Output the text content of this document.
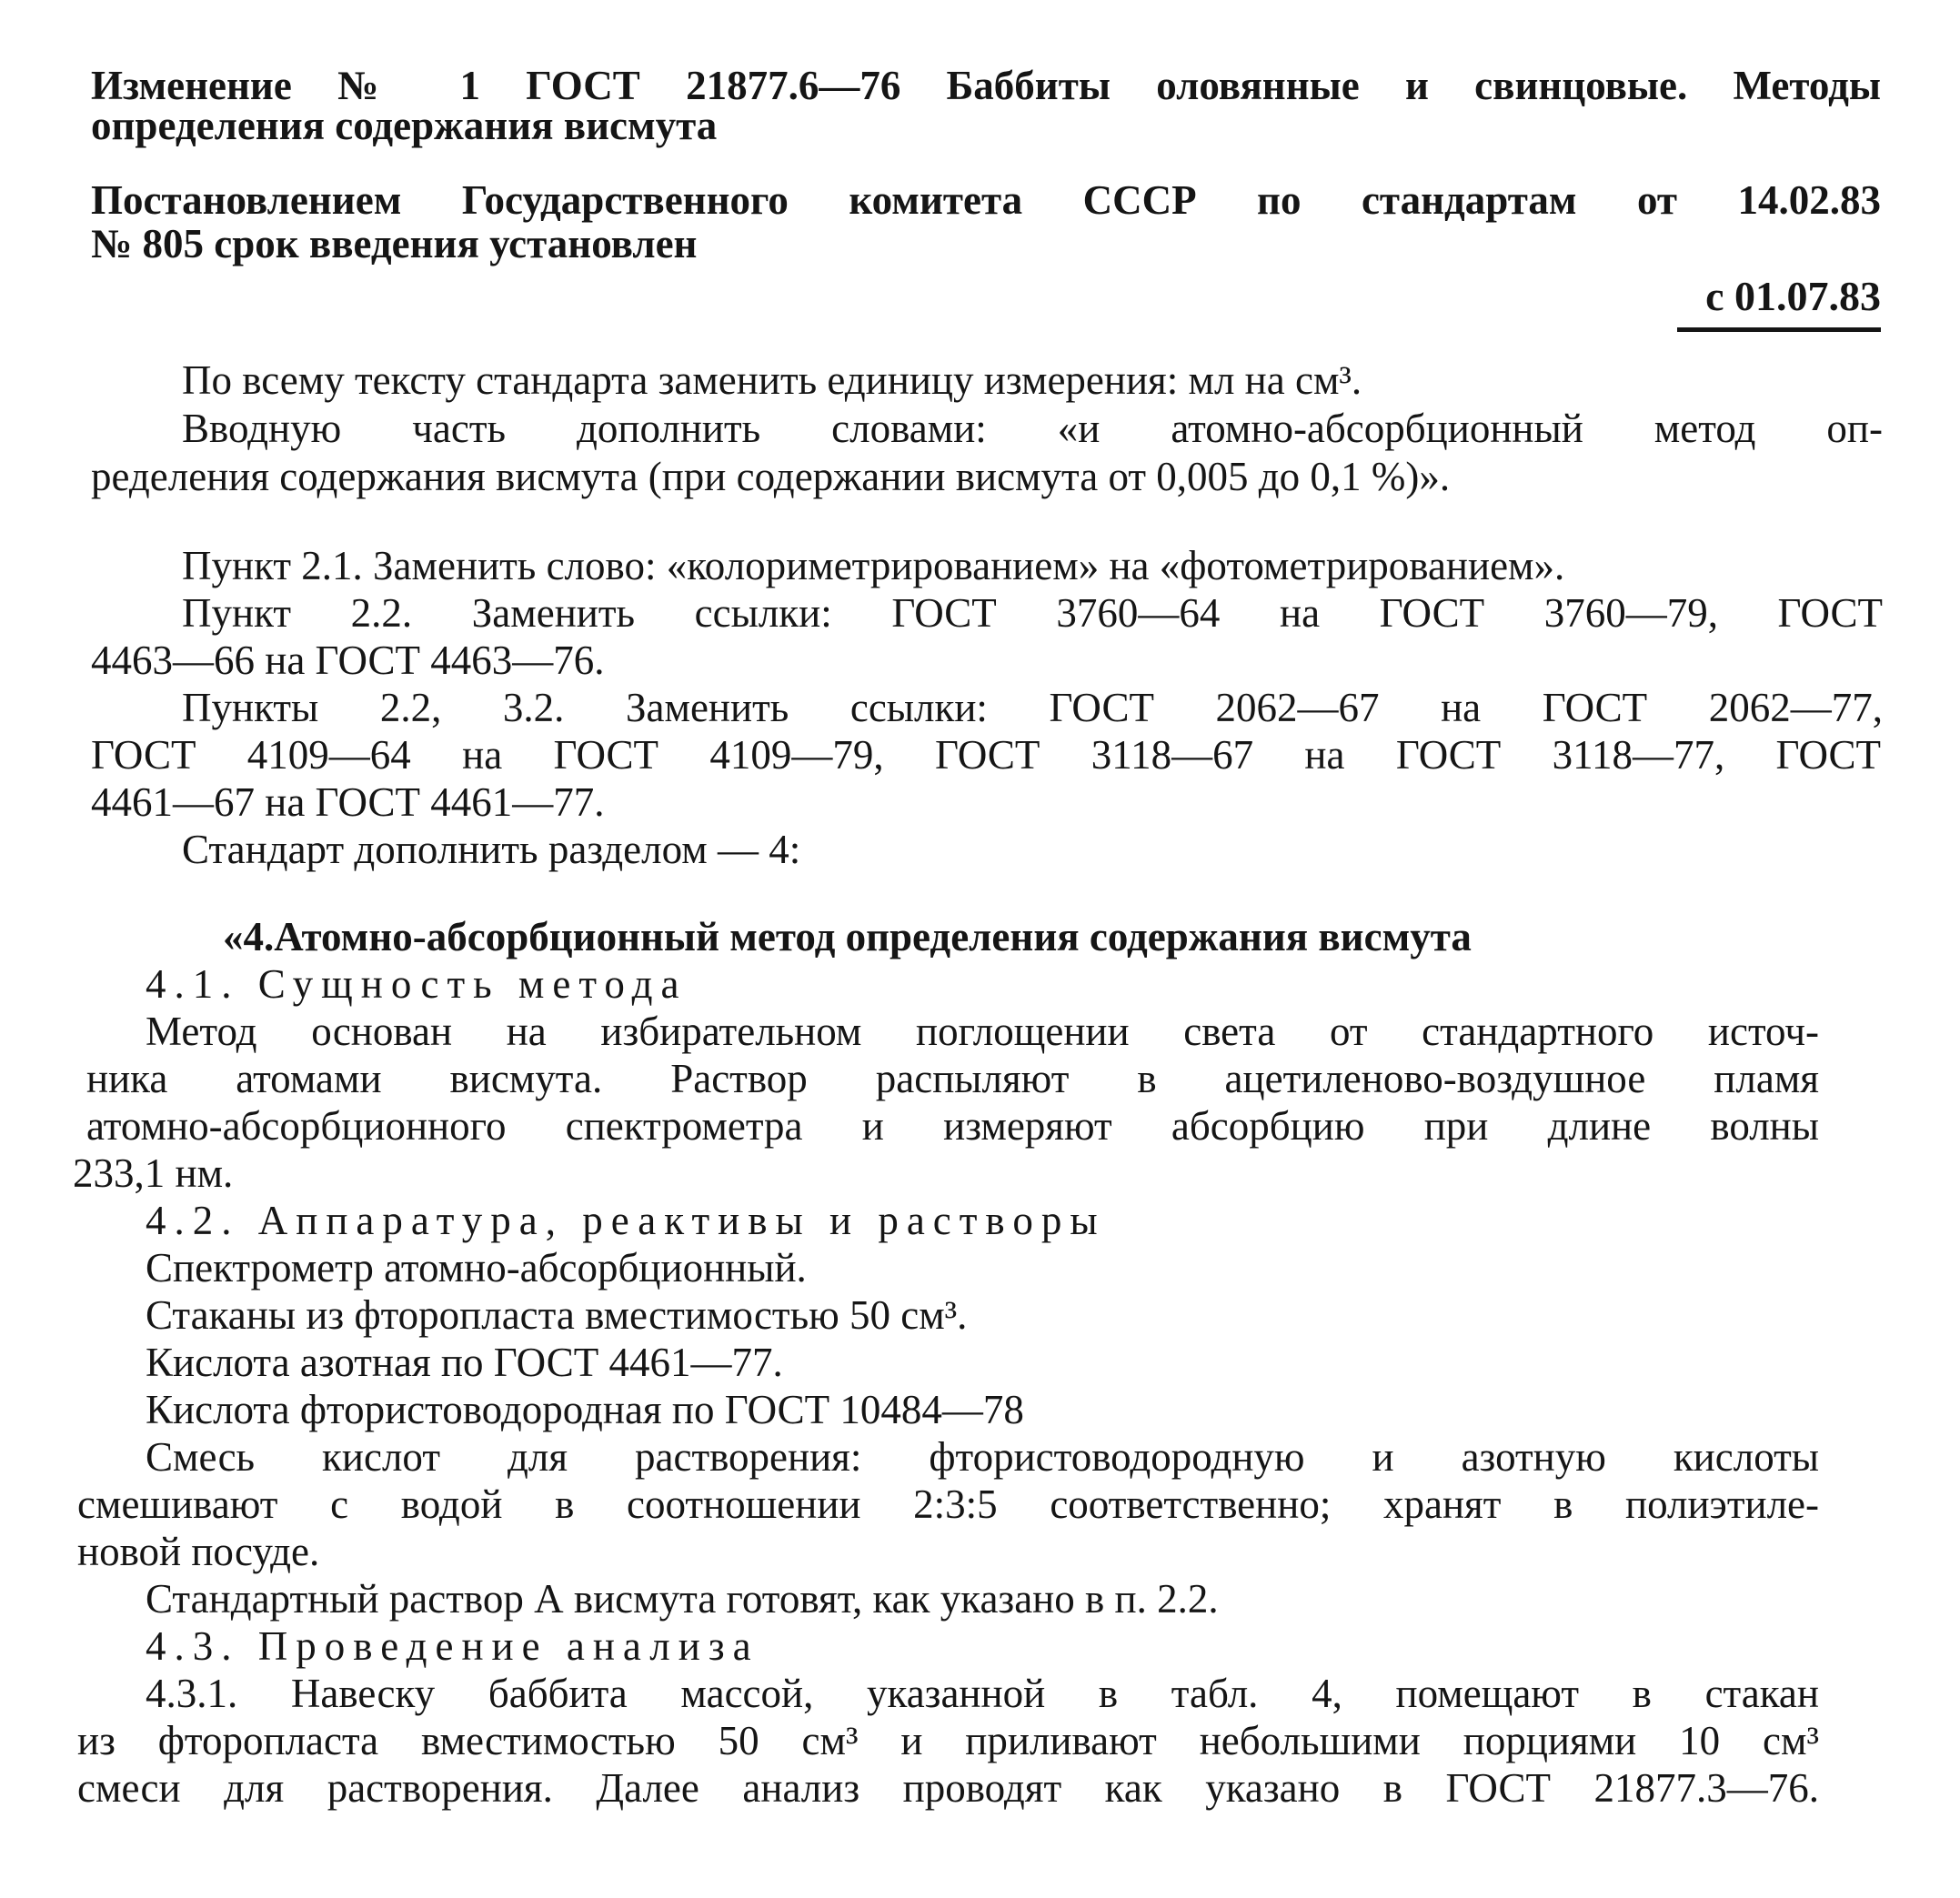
Изменение № 1 ГОСТ 21877.6—76 Баббиты оловянные и свинцовые. Методы
определения содержания висмута
Постановлением Государственного комитета СССР по стандартам от 14.02.83
№ 805 срок введения установлен
с 01.07.83
По всему тексту стандарта заменить единицу измерения: мл на см³.
Вводную часть дополнить словами: «и атомно-абсорбционный метод оп-
ределения содержания висмута (при содержании висмута от 0,005 до 0,1 %)».
Пункт 2.1. Заменить слово: «колориметрированием» на «фотометрированием».
Пункт 2.2. Заменить ссылки: ГОСТ 3760—64 на ГОСТ 3760—79, ГОСТ
4463—66 на ГОСТ 4463—76.
Пункты 2.2, 3.2. Заменить ссылки: ГОСТ 2062—67 на ГОСТ 2062—77,
ГОСТ 4109—64 на ГОСТ 4109—79, ГОСТ 3118—67 на ГОСТ 3118—77, ГОСТ
4461—67 на ГОСТ 4461—77.
Стандарт дополнить разделом — 4:
«4.Атомно-абсорбционный метод определения содержания висмута
4.1. Сущность метода
Метод основан на избирательном поглощении света от стандартного источ-
ника атомами висмута. Раствор распыляют в ацетиленово-воздушное пламя
атомно-абсорбционного спектрометра и измеряют абсорбцию при длине волны
233,1 нм.
4.2. Аппаратура, реактивы и растворы
Спектрометр атомно-абсорбционный.
Стаканы из фторопласта вместимостью 50 см³.
Кислота азотная по ГОСТ 4461—77.
Кислота фтористоводородная по ГОСТ 10484—78
Смесь кислот для растворения: фтористоводородную и азотную кислоты
смешивают с водой в соотношении 2:3:5 соответственно; хранят в полиэтиле-
новой посуде.
Стандартный раствор А висмута готовят, как указано в п. 2.2.
4.3. Проведение анализа
4.3.1. Навеску баббита массой, указанной в табл. 4, помещают в стакан
из фторопласта вместимостью 50 см³ и приливают небольшими порциями 10 см³
смеси для растворения. Далее анализ проводят как указано в ГОСТ 21877.3—76.
